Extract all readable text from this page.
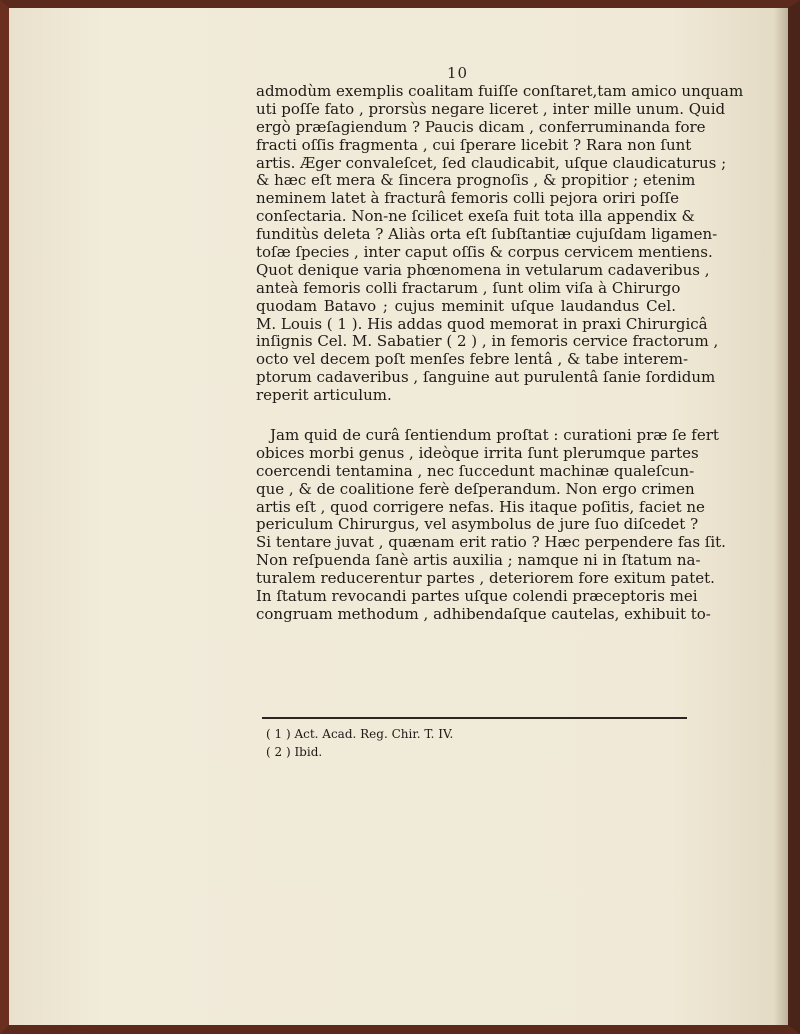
10
admodùm exemplis coalitam fuiſſe conſtaret,tam amico unquam
uti poſſe fato , prorsùs negare liceret , inter mille unum. Quid
ergò præſagiendum ? Paucis dicam , conferruminanda fore
fracti oſſis fragmenta , cui ſperare licebit ? Rara non ſunt
artis. Æger convaleſcet, ſed claudicabit, uſque claudicaturus ;
& hæc eſt mera & ſincera prognoſis , & propitior ; etenim
neminem latet à fracturâ femoris colli pejora oriri poſſe
conſectaria. Non-ne ſcilicet exeſa fuit tota illa appendix &
funditùs deleta ? Aliàs orta eſt ſubſtantiæ cujuſdam ligamen-
toſæ ſpecies , inter caput oſſis & corpus cervicem mentiens.
Quot denique varia phœnomena in vetularum cadaveribus ,
anteà femoris colli fractarum , ſunt olim viſa à Chirurgo
quodam Batavo ; cujus meminit uſque laudandus Cel.
M. Louis ( 1 ). His addas quod memorat in praxi Chirurgicâ
inſignis Cel. M. Sabatier ( 2 ) , in femoris cervice fractorum ,
octo vel decem poſt menſes febre lentâ , & tabe interem-
ptorum cadaveribus , ſanguine aut purulentâ ſanie ſordidum
reperit articulum.
Jam quid de curâ ſentiendum proſtat : curationi præ ſe fert
obices morbi genus , ideòque irrita ſunt plerumque partes
coercendi tentamina , nec ſuccedunt machinæ qualeſcun-
que , & de coalitione ferè deſperandum. Non ergo crimen
artis eſt , quod corrigere nefas. His itaque poſitis, faciet ne
periculum Chirurgus, vel asymbolus de jure ſuo diſcedet ?
Si tentare juvat , quænam erit ratio ? Hæc perpendere fas ſit.
Non reſpuenda ſanè artis auxilia ; namque ni in ſtatum na-
turalem reducerentur partes , deteriorem fore exitum patet.
In ſtatum revocandi partes uſque colendi præceptoris mei
congruam methodum , adhibendaſque cautelas, exhibuit to-
( 1 ) Act. Acad. Reg. Chir. T. IV.
( 2 ) Ibid.
